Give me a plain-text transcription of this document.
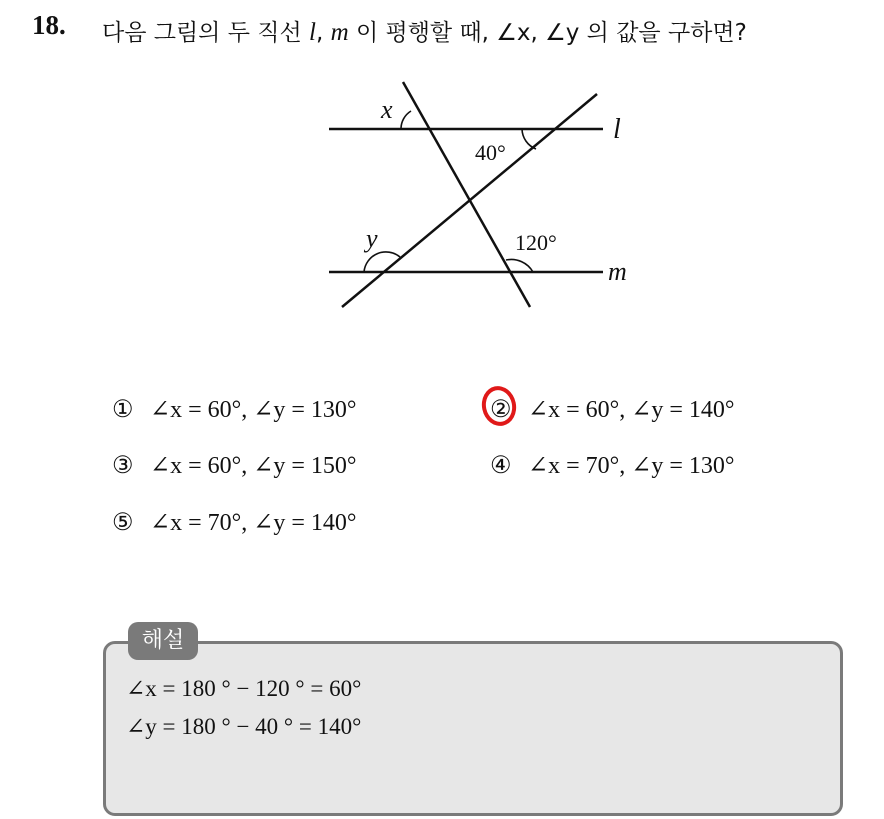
18. 다음 그림의 두 직선 l, m 이 평행할 때, ∠x, ∠y 의 값을 구하면?
x
y
l
m
40°
120°
① ∠x = 60°, ∠y = 130°	② ∠x = 60°, ∠y = 140°
③ ∠x = 60°, ∠y = 150°	④ ∠x = 70°, ∠y = 130°
⑤ ∠x = 70°, ∠y = 140°
해설
∠x = 180 ° − 120 ° = 60°
∠y = 180 ° − 40 ° = 140°
